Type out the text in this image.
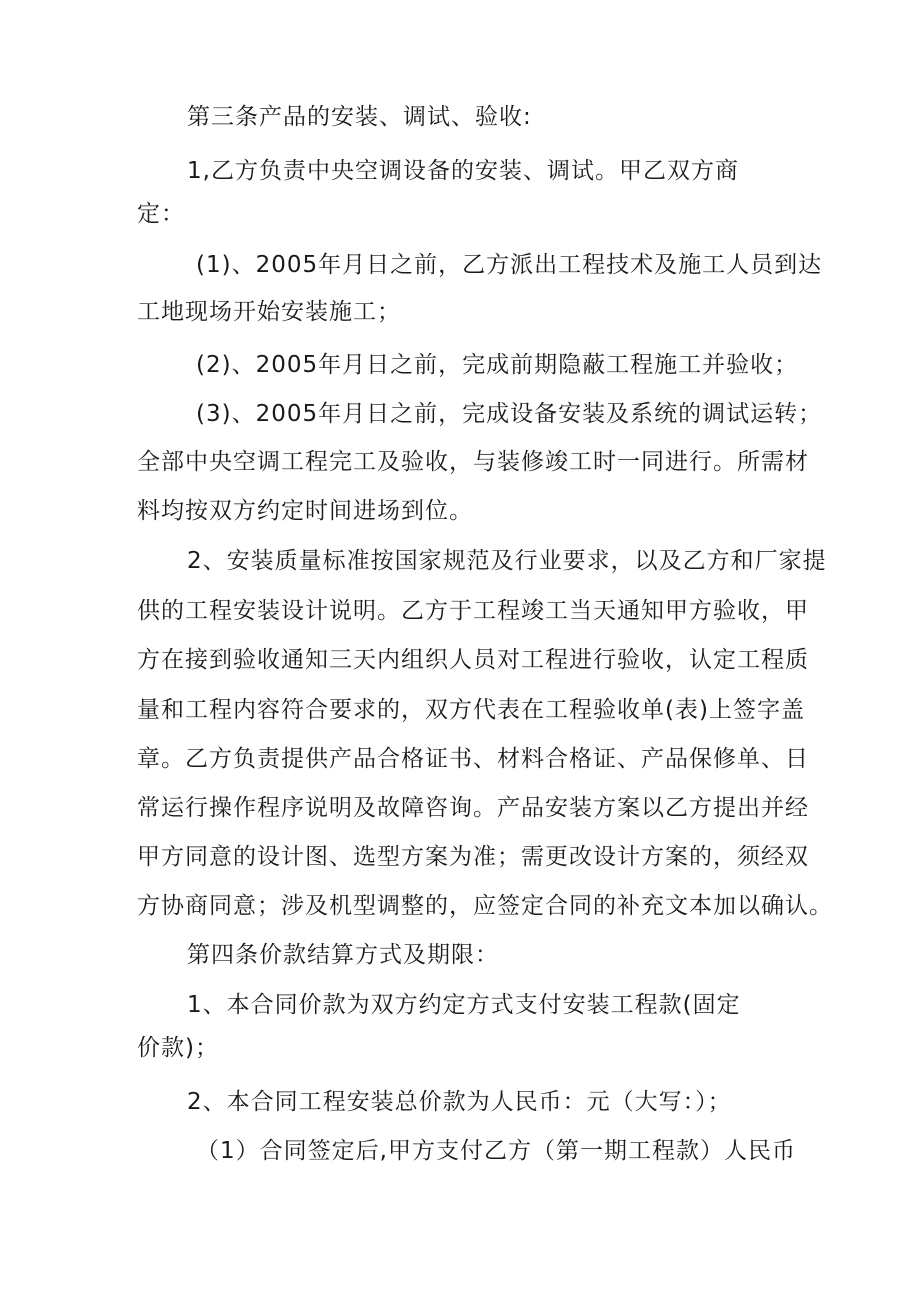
第三条产品的安装、调试、验收:
1,乙方负责中央空调设备的安装、调试。甲乙双方商
定：
(1)、2005年月日之前，乙方派出工程技术及施工人员到达
工地现场开始安装施工；
(2)、2005年月日之前，完成前期隐蔽工程施工并验收；
(3)、2005年月日之前，完成设备安装及系统的调试运转；
全部中央空调工程完工及验收，与装修竣工时一同进行。所需材
料均按双方约定时间进场到位。
2、安装质量标准按国家规范及行业要求，以及乙方和厂家提
供的工程安装设计说明。乙方于工程竣工当天通知甲方验收，甲
方在接到验收通知三天内组织人员对工程进行验收，认定工程质
量和工程内容符合要求的，双方代表在工程验收单(表)上签字盖
章。乙方负责提供产品合格证书、材料合格证、产品保修单、日
常运行操作程序说明及故障咨询。产品安装方案以乙方提出并经
甲方同意的设计图、选型方案为准；需更改设计方案的，须经双
方协商同意；涉及机型调整的，应签定合同的补充文本加以确认。
第四条价款结算方式及期限：
1、本合同价款为双方约定方式支付安装工程款(固定
价款)；
2、本合同工程安装总价款为人民币：元（大写：）；
（1）合同签定后,甲方支付乙方（第一期工程款）人民币
